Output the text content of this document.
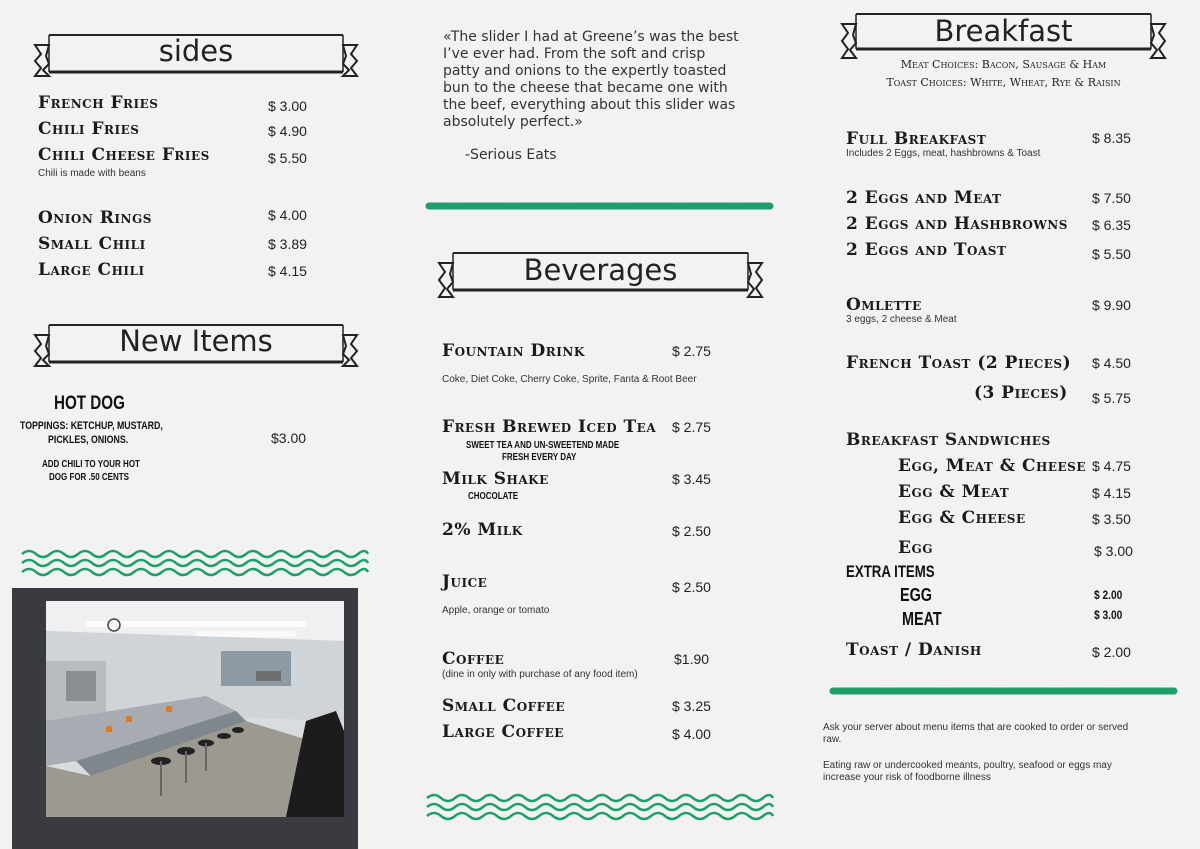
sides
French Fries	$ 3.00
Chili Fries	$ 4.90
Chili Cheese Fries	$ 5.50
Chili is made with beans
Onion Rings	$ 4.00
Small Chili	$ 3.89
Large Chili	$ 4.15
New Items
HOT DOG
TOPPINGS: KETCHUP, MUSTARD,
PICKLES, ONIONS.	$3.00
ADD CHILI TO YOUR HOT
DOG FOR .50 CENTS
«The slider I had at Greene’s was the best I’ve ever had. From the soft and crisp patty and onions to the expertly toasted bun to the cheese that became one with the beef, everything about this slider was absolutely perfect.»
-Serious Eats
Beverages
Fountain Drink	$ 2.75
Coke, Diet Coke, Cherry Coke, Sprite, Fanta & Root Beer
Fresh Brewed Iced Tea $ 2.75
SWEET TEA AND UN-SWEETEND MADE
FRESH EVERY DAY
Milk Shake	$ 3.45
CHOCOLATE
2% Milk	$ 2.50
Juice	$ 2.50
Apple, orange or tomato
Coffee	$1.90
(dine in only with purchase of any food item)
Small Coffee	$ 3.25
Large Coffee	$ 4.00
Breakfast
Meat Choices: Bacon, Sausage & Ham
Toast Choices: White, Wheat, Rye & Raisin
Full Breakfast	$ 8.35
Includes 2 Eggs, meat, hashbrowns & Toast
2 Eggs and Meat	$ 7.50
2 Eggs and Hashbrowns $ 6.35
2 Eggs and Toast	$ 5.50
Omlette	$ 9.90
3 eggs, 2 cheese & Meat
French Toast (2 Pieces) $ 4.50
(3 Pieces) $ 5.75
Breakfast Sandwiches
Egg, Meat & Cheese $ 4.75
Egg & Meat	$ 4.15
Egg & Cheese	$ 3.50
Egg	$ 3.00
EXTRA ITEMS
EGG	$ 2.00
MEAT	$ 3.00
Toast / Danish	$ 2.00
Ask your server about menu items that are cooked to order or served raw.
Eating raw or undercooked meants, poultry, seafood or eggs may increase your risk of foodborne illness
